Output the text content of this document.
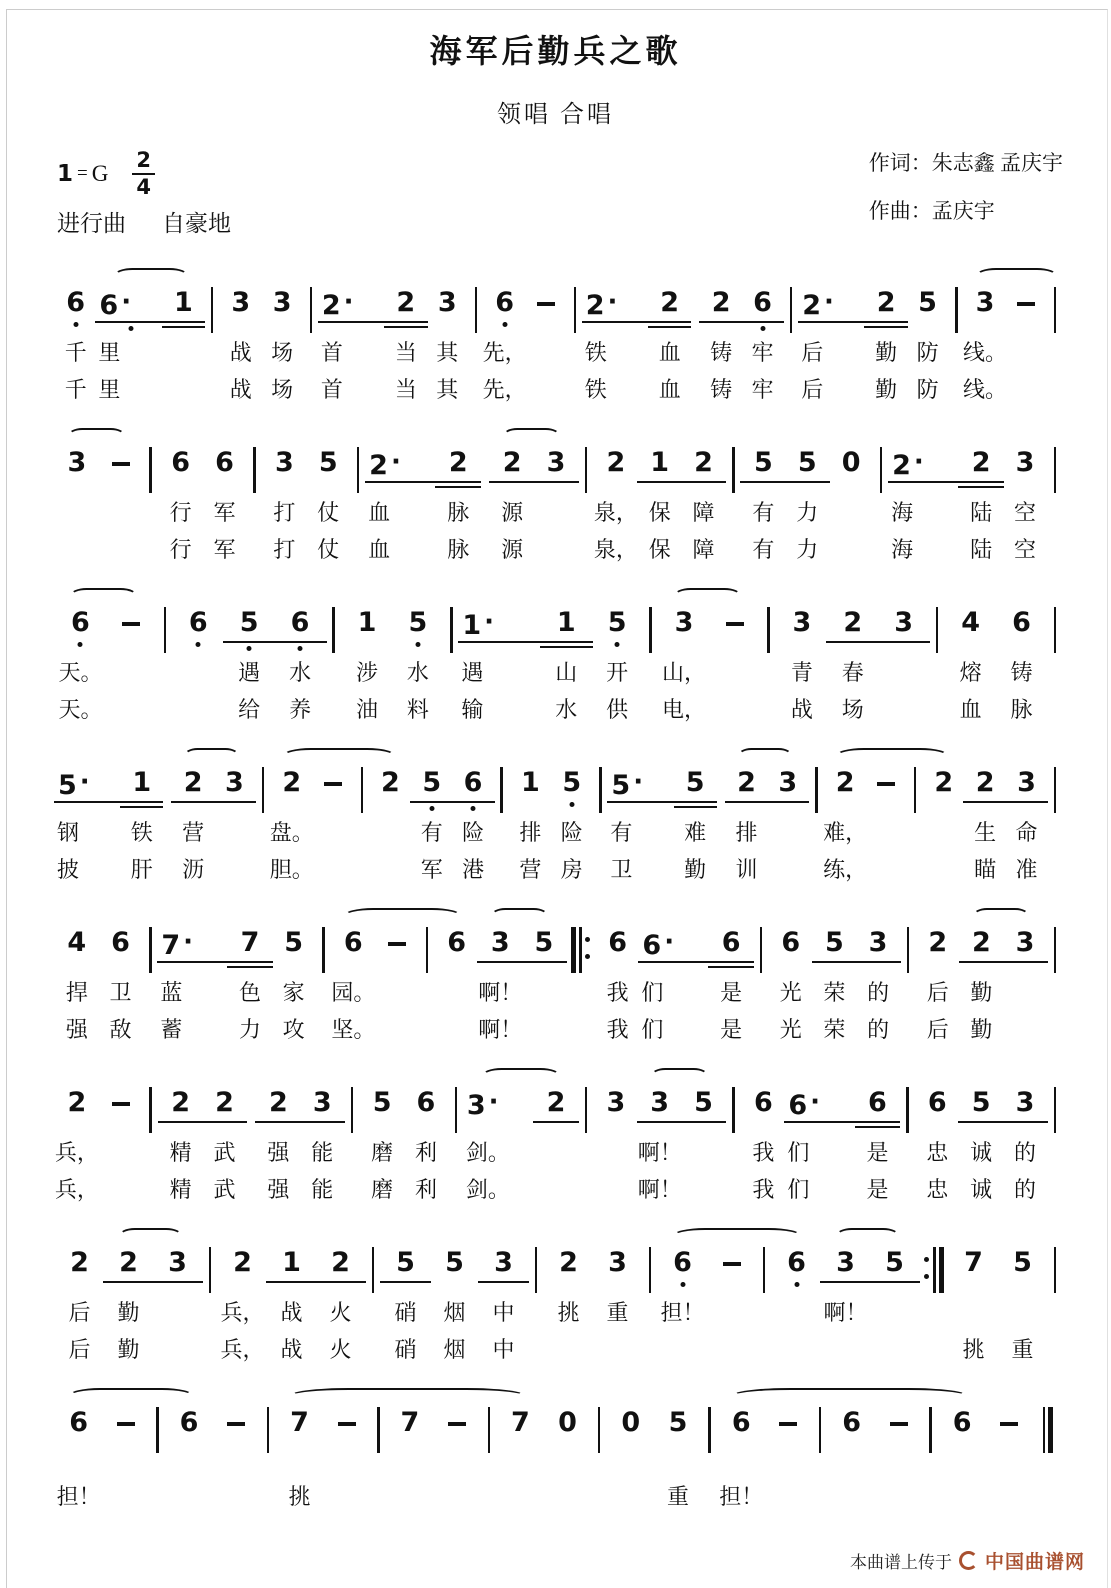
海军后勤兵之歌
领唱 合唱
1 = G $\frac{2}{4}$
进行曲 自豪地
作词：朱志鑫 孟庆宇
作曲：孟庆宇
6
千
千
6 ·
里
里
1	3
战
战
3
场
场
2 ·
首
首
2
当
当
3
其
其
6
先，
先，
2 ·
铁
铁
2
血
血
2
铸
铸
6
牢
牢
2 ·
后
后
2
勤
勤
5
防
防
3
线。
线。
3	6
行
行
6
军
军
3
打
打
5
仗
仗
2 ·
血
血
2
脉
脉
2
源
源
3	2
泉，
泉，
1
保
保
2
障
障
5
有
有
5
力
力
0	2 ·
海
海
2
陆
陆
3
空
空
6
天。
天。
6	5
遇
给
6
水
养
1
涉
油
5
水
料
1 ·
遇
输
1
山
水
5
开
供
3
山，
电，
3
青
战
2
春
场
3	4
熔
血
6
铸
脉
5 ·
钢
披
1
铁
肝
2
营
沥
3	2
盘。
胆。
2 5
有
军
6
险
港
1
排
营
5
险
房
5 ·
有
卫
5
难
勤
2
排
训
3	2
难，
练，
2 2
生
瞄
3
命
准
4
捍
强
6
卫
敌
7 ·
蓝
蓄
7
色
力
5
家
攻
6
园。
坚。
6 3
啊！
啊！
5	6
我
我
6 ·
们
们
6
是
是
6
光
光
5
荣
荣
3
的
的
2
后
后
2
勤
勤
3
2
兵，
兵，
2
精
精
2
武
武
2
强
强
3
能
能
5
磨
磨
6
利
利
3 ·
剑。
剑。
2	3 3
啊！
啊！
5	6
我
我
6 ·
们
们
6
是
是
6
忠
忠
5
诚
诚
3
的
的
2
后
后
2
勤
勤
3	2
兵，
兵，
1
战
战
2
火
火
5
硝
硝
5
烟
烟
3
中
中
2
挑
3
重
6
担！
6	3
啊！
5	7
挑
5
重
6
担！
6	7
挑
7	7	0	0	5
重
6
担！
6	6
本曲谱上传于 中国曲谱网
